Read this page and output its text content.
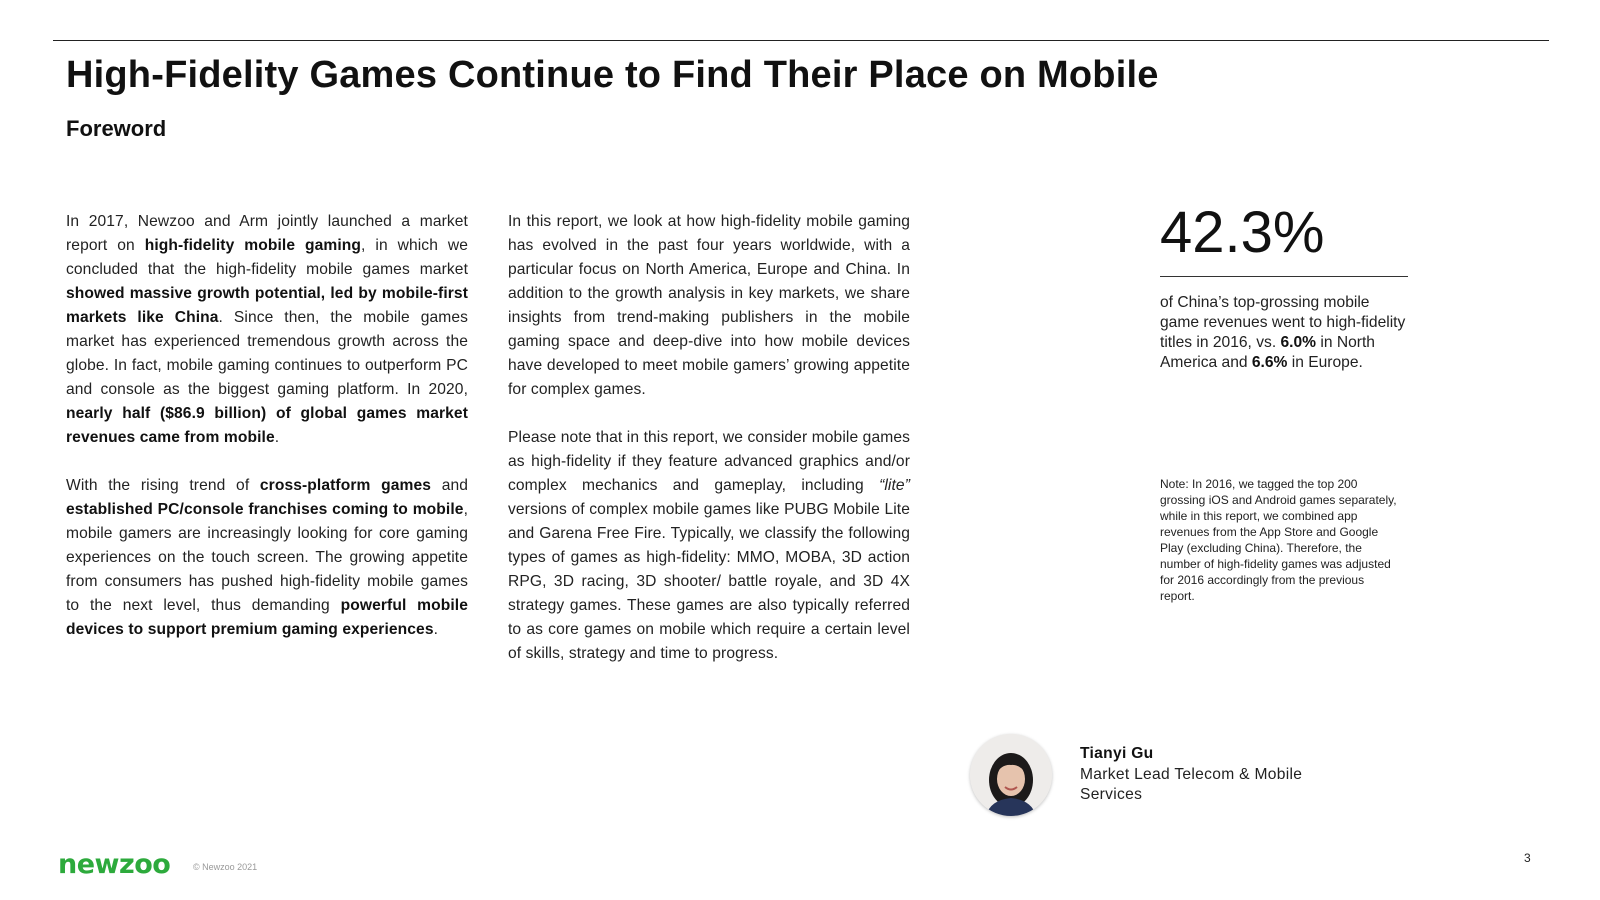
High-Fidelity Games Continue to Find Their Place on Mobile
Foreword

In 2017, Newzoo and Arm jointly launched a market report on high-fidelity mobile gaming, in which we concluded that the high-fidelity mobile games market showed massive growth potential, led by mobile-first markets like China. Since then, the mobile games market has experienced tremendous growth across the globe. In fact, mobile gaming continues to outperform PC and console as the biggest gaming platform. In 2020, nearly half ($86.9 billion) of global games market revenues came from mobile.

With the rising trend of cross-platform games and established PC/console franchises coming to mobile, mobile gamers are increasingly looking for core gaming experiences on the touch screen. The growing appetite from consumers has pushed high-fidelity mobile games to the next level, thus demanding powerful mobile devices to support premium gaming experiences.

In this report, we look at how high-fidelity mobile gaming has evolved in the past four years worldwide, with a particular focus on North America, Europe and China. In addition to the growth analysis in key markets, we share insights from trend-making publishers in the mobile gaming space and deep-dive into how mobile devices have developed to meet mobile gamers’ growing appetite for complex games.

Please note that in this report, we consider mobile games as high-fidelity if they feature advanced graphics and/or complex mechanics and gameplay, including “lite” versions of complex mobile games like PUBG Mobile Lite and Garena Free Fire. Typically, we classify the following types of games as high-fidelity: MMO, MOBA, 3D action RPG, 3D racing, 3D shooter/ battle royale, and 3D 4X strategy games. These games are also typically referred to as core games on mobile which require a certain level of skills, strategy and time to progress.

42.3%

of China’s top-grossing mobile game revenues went to high-fidelity titles in 2016, vs. 6.0% in North America and 6.6% in Europe.

Note: In 2016, we tagged the top 200 grossing iOS and Android games separately, while in this report, we combined app revenues from the App Store and Google Play (excluding China). Therefore, the number of high-fidelity games was adjusted for 2016 accordingly from the previous report.

Tianyi Gu
Market Lead Telecom & Mobile Services
newzoo	© Newzoo 2021
3
